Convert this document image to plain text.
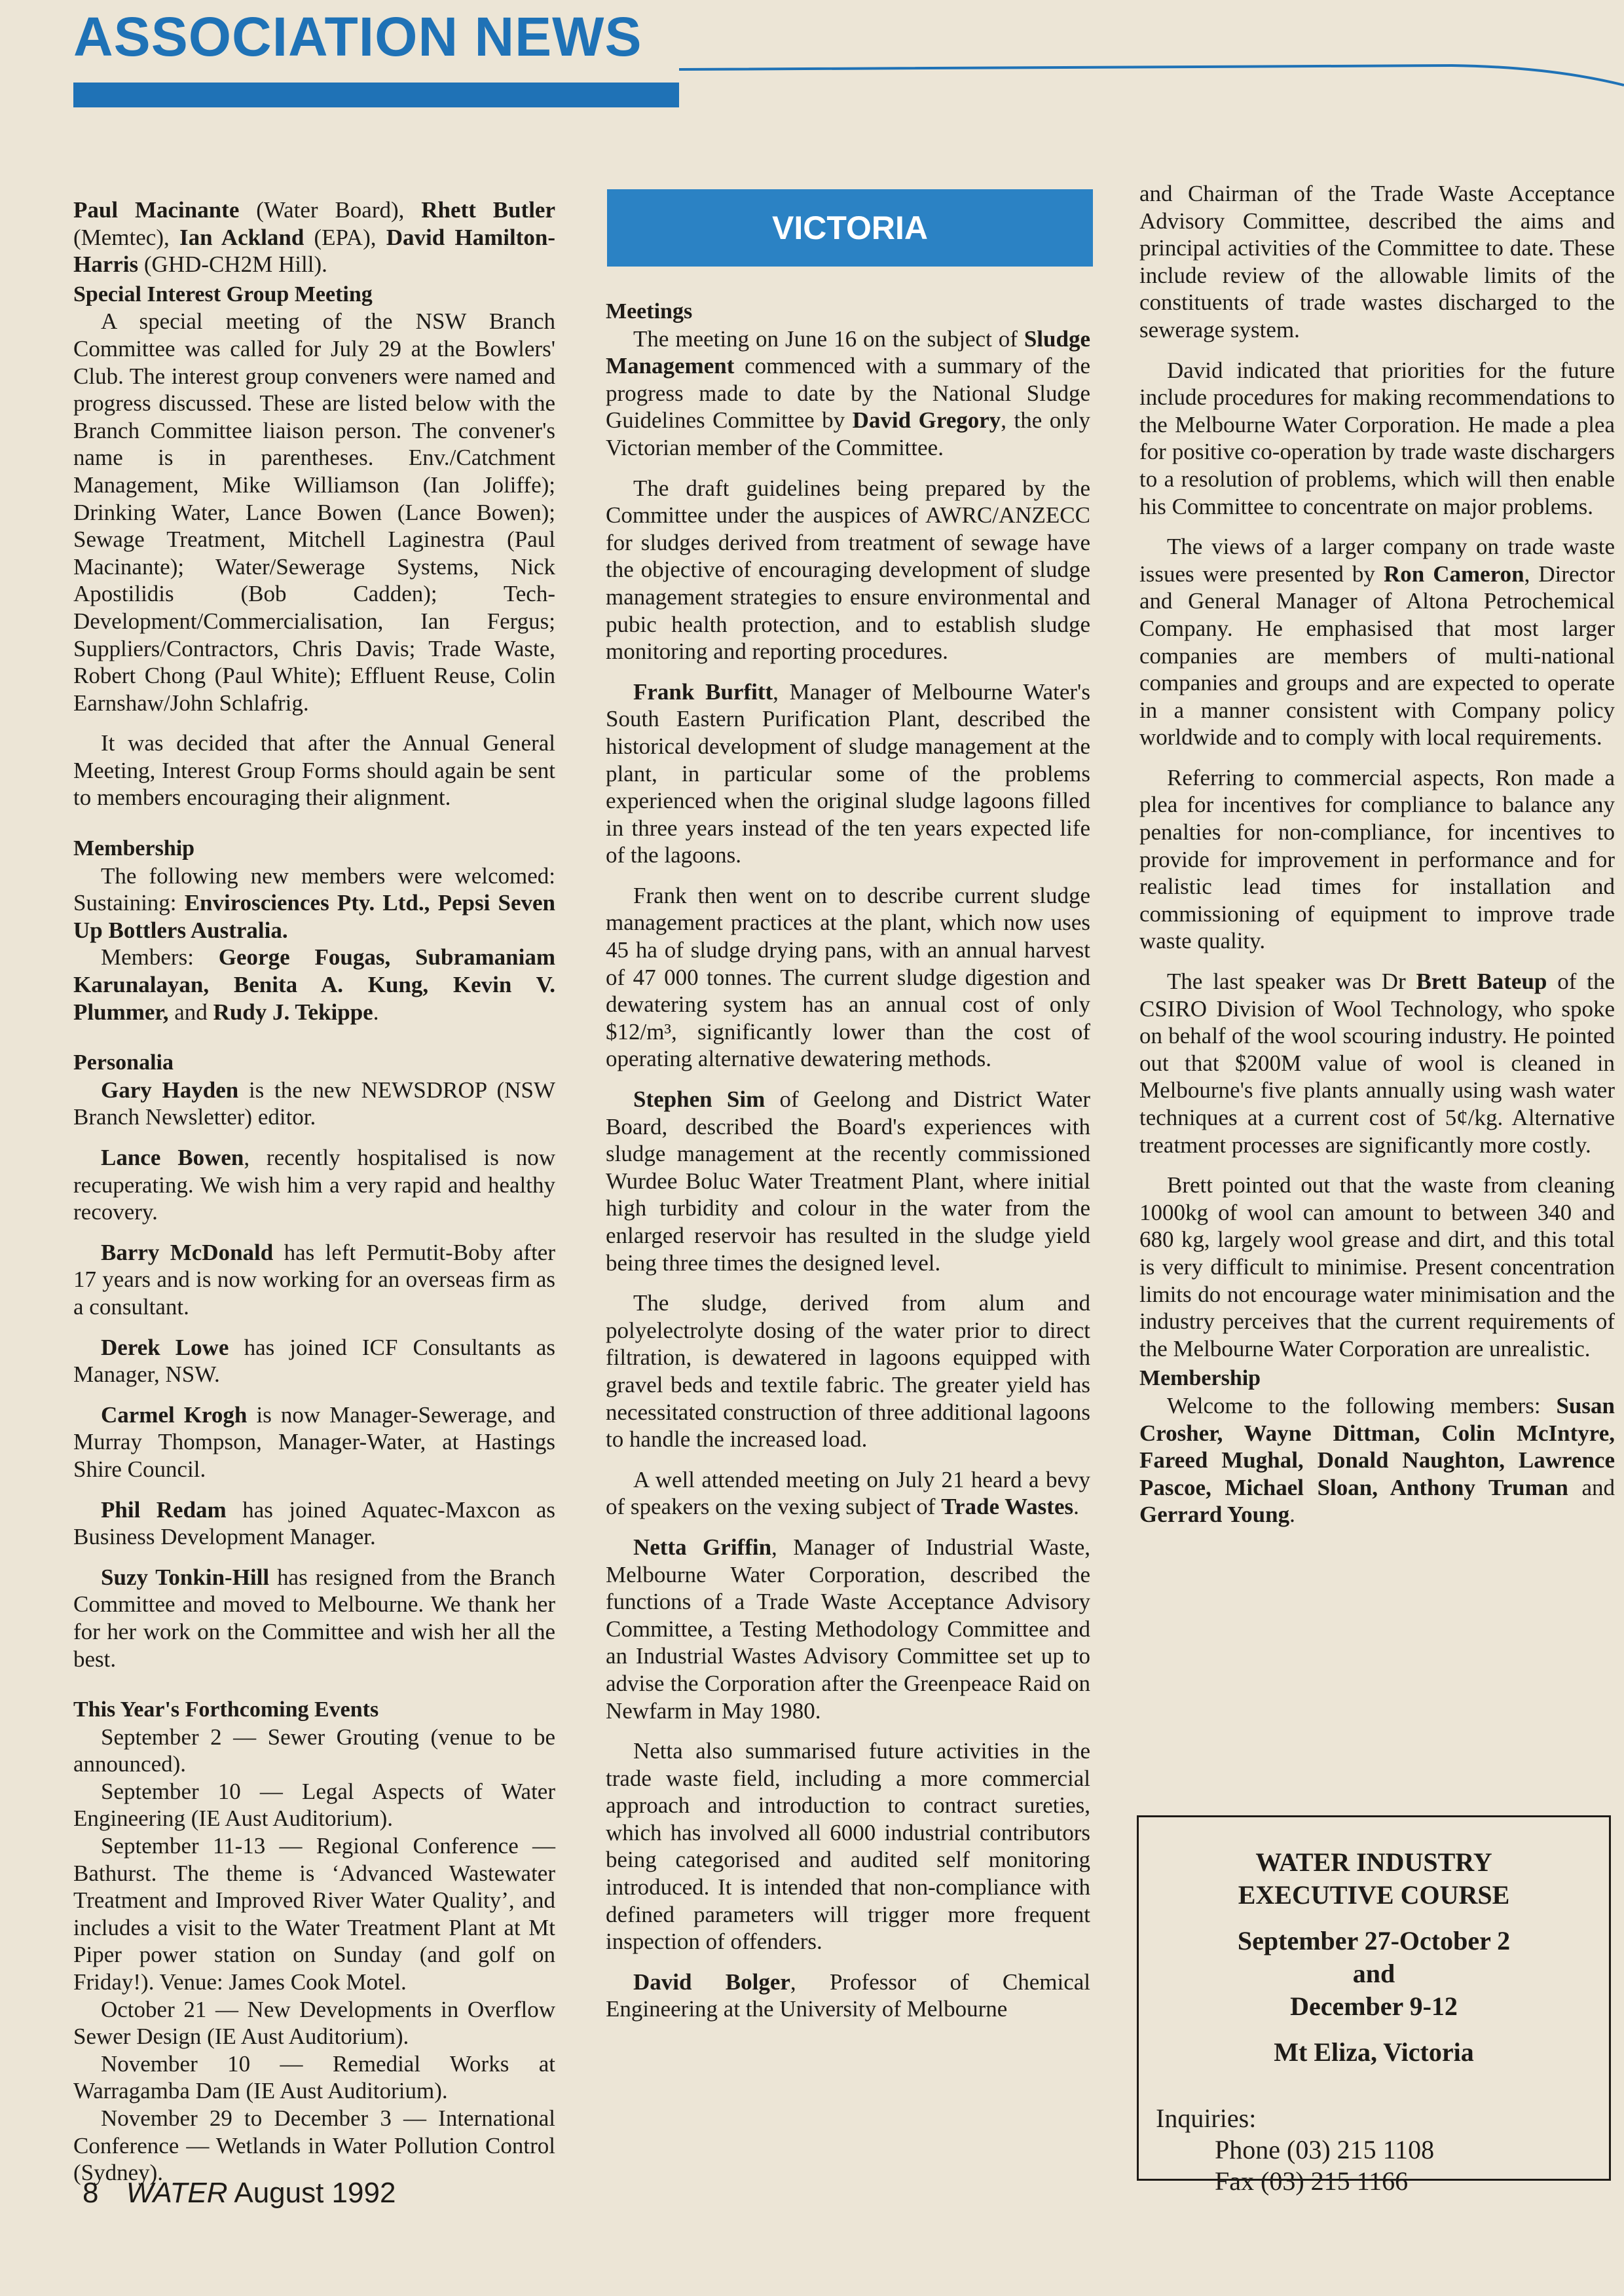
ASSOCIATION NEWS

Paul Macinante (Water Board), Rhett Butler (Memtec), Ian Ackland (EPA), David Hamilton-Harris (GHD-CH2M Hill).

Special Interest Group Meeting

A special meeting of the NSW Branch Committee was called for July 29 at the Bowlers' Club. The interest group conveners were named and progress discussed. These are listed below with the Branch Committee liaison person. The convener's name is in parentheses. Env./Catchment Management, Mike Williamson (Ian Joliffe); Drinking Water, Lance Bowen (Lance Bowen); Sewage Treatment, Mitchell Laginestra (Paul Macinante); Water/Sewerage Systems, Nick Apostilidis (Bob Cadden); Tech-Development/Commercialisation, Ian Fergus; Suppliers/Contractors, Chris Davis; Trade Waste, Robert Chong (Paul White); Effluent Reuse, Colin Earnshaw/John Schlafrig.

It was decided that after the Annual General Meeting, Interest Group Forms should again be sent to members encouraging their alignment.

Membership

The following new members were welcomed: Sustaining: Envirosciences Pty. Ltd., Pepsi Seven Up Bottlers Australia.

Members: George Fougas, Subramaniam Karunalayan, Benita A. Kung, Kevin V. Plummer, and Rudy J. Tekippe.

Personalia

Gary Hayden is the new NEWSDROP (NSW Branch Newsletter) editor.

Lance Bowen, recently hospitalised is now recuperating. We wish him a very rapid and healthy recovery.

Barry McDonald has left Permutit-Boby after 17 years and is now working for an overseas firm as a consultant.

Derek Lowe has joined ICF Consultants as Manager, NSW.

Carmel Krogh is now Manager-Sewerage, and Murray Thompson, Manager-Water, at Hastings Shire Council.

Phil Redam has joined Aquatec-Maxcon as Business Development Manager.

Suzy Tonkin-Hill has resigned from the Branch Committee and moved to Melbourne. We thank her for her work on the Committee and wish her all the best.

This Year's Forthcoming Events

September 2 — Sewer Grouting (venue to be announced).

September 10 — Legal Aspects of Water Engineering (IE Aust Auditorium).

September 11-13 — Regional Conference — Bathurst. The theme is ‘Advanced Wastewater Treatment and Improved River Water Quality’, and includes a visit to the Water Treatment Plant at Mt Piper power station on Sunday (and golf on Friday!). Venue: James Cook Motel.

October 21 — New Developments in Overflow Sewer Design (IE Aust Auditorium).

November 10 — Remedial Works at Warragamba Dam (IE Aust Auditorium).

November 29 to December 3 — International Conference — Wetlands in Water Pollution Control (Sydney).

VICTORIA
Meetings

The meeting on June 16 on the subject of Sludge Management commenced with a summary of the progress made to date by the National Sludge Guidelines Committee by David Gregory, the only Victorian member of the Committee.

The draft guidelines being prepared by the Committee under the auspices of AWRC/ANZECC for sludges derived from treatment of sewage have the objective of encouraging development of sludge management strategies to ensure environmental and pubic health protection, and to establish sludge monitoring and reporting procedures.

Frank Burfitt, Manager of Melbourne Water's South Eastern Purification Plant, described the historical development of sludge management at the plant, in particular some of the problems experienced when the original sludge lagoons filled in three years instead of the ten years expected life of the lagoons.

Frank then went on to describe current sludge management practices at the plant, which now uses 45 ha of sludge drying pans, with an annual harvest of 47 000 tonnes. The current sludge digestion and dewatering system has an annual cost of only $12/m³, significantly lower than the cost of operating alternative dewatering methods.

Stephen Sim of Geelong and District Water Board, described the Board's experiences with sludge management at the recently commissioned Wurdee Boluc Water Treatment Plant, where initial high turbidity and colour in the water from the enlarged reservoir has resulted in the sludge yield being three times the designed level.

The sludge, derived from alum and polyelectrolyte dosing of the water prior to direct filtration, is dewatered in lagoons equipped with gravel beds and textile fabric. The greater yield has necessitated construction of three additional lagoons to handle the increased load.

A well attended meeting on July 21 heard a bevy of speakers on the vexing subject of Trade Wastes.

Netta Griffin, Manager of Industrial Waste, Melbourne Water Corporation, described the functions of a Trade Waste Acceptance Advisory Committee, a Testing Methodology Committee and an Industrial Wastes Advisory Committee set up to advise the Corporation after the Greenpeace Raid on Newfarm in May 1980.

Netta also summarised future activities in the trade waste field, including a more commercial approach and introduction to contract sureties, which has involved all 6000 industrial contributors being categorised and audited self monitoring introduced. It is intended that non-compliance with defined parameters will trigger more frequent inspection of offenders.

David Bolger, Professor of Chemical Engineering at the University of Melbourne

and Chairman of the Trade Waste Acceptance Advisory Committee, described the aims and principal activities of the Committee to date. These include review of the allowable limits of the constituents of trade wastes discharged to the sewerage system.

David indicated that priorities for the future include procedures for making recommendations to the Melbourne Water Corporation. He made a plea for positive co-operation by trade waste dischargers to a resolution of problems, which will then enable his Committee to concentrate on major problems.

The views of a larger company on trade waste issues were presented by Ron Cameron, Director and General Manager of Altona Petrochemical Company. He emphasised that most larger companies are members of multi-national companies and groups and are expected to operate in a manner consistent with Company policy worldwide and to comply with local requirements.

Referring to commercial aspects, Ron made a plea for incentives for compliance to balance any penalties for non-compliance, for incentives to provide for improvement in performance and for realistic lead times for installation and commissioning of equipment to improve trade waste quality.

The last speaker was Dr Brett Bateup of the CSIRO Division of Wool Technology, who spoke on behalf of the wool scouring industry. He pointed out that $200M value of wool is cleaned in Melbourne's five plants annually using wash water techniques at a current cost of 5¢/kg. Alternative treatment processes are significantly more costly.

Brett pointed out that the waste from cleaning 1000kg of wool can amount to between 340 and 680 kg, largely wool grease and dirt, and this total is very difficult to minimise. Present concentration limits do not encourage water minimisation and the industry perceives that the current requirements of the Melbourne Water Corporation are unrealistic.

Membership

Welcome to the following members: Susan Crosher, Wayne Dittman, Colin McIntyre, Fareed Mughal, Donald Naughton, Lawrence Pascoe, Michael Sloan, Anthony Truman and Gerrard Young.

WATER INDUSTRY
EXECUTIVE COURSE
September 27-October 2
and
December 9-12
Mt Eliza, Victoria
Inquiries:
Phone (03) 215 1108
Fax (03) 215 1166
8 WATER August 1992
